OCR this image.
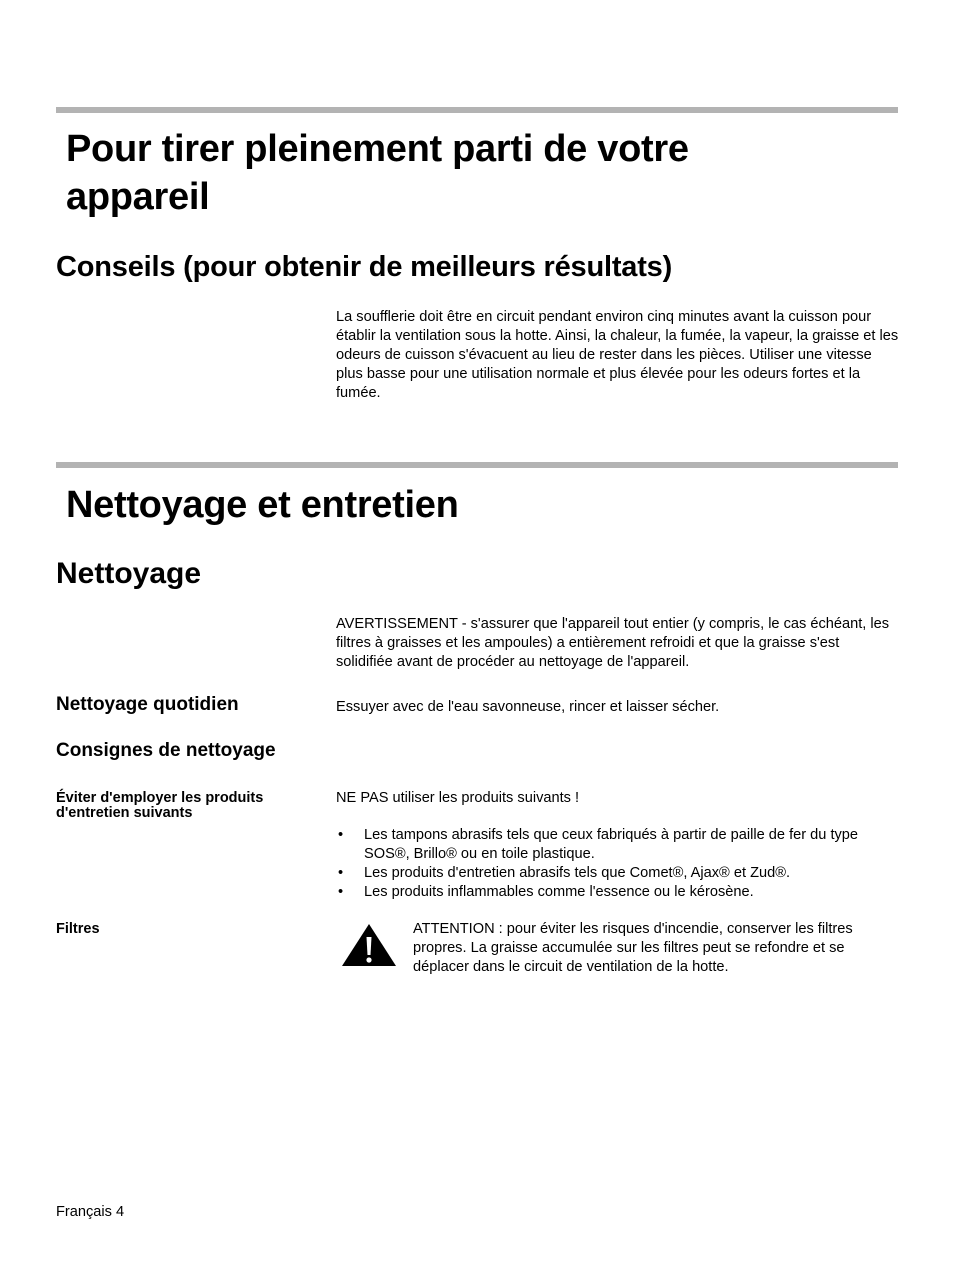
Pour tirer pleinement parti de votre appareil
Conseils (pour obtenir de meilleurs résultats)

La soufflerie doit être en circuit pendant environ cinq minutes avant la cuisson pour établir la ventilation sous la hotte. Ainsi, la chaleur, la fumée, la vapeur, la graisse et les odeurs de cuisson s'évacuent au lieu de rester dans les pièces. Utiliser une vitesse plus basse pour une utilisation normale et plus élevée pour les odeurs fortes et la fumée.

Nettoyage et entretien
Nettoyage

AVERTISSEMENT - s'assurer que l'appareil tout entier (y compris, le cas échéant, les filtres à graisses et les ampoules) a entièrement refroidi et que la graisse s'est solidifiée avant de procéder au nettoyage de l'appareil.

Nettoyage quotidien	Essuyer avec de l'eau savonneuse, rincer et laisser sécher.

Consignes de nettoyage
Éviter d'employer les produits d'entretien suivants

NE PAS utiliser les produits suivants !

• Les tampons abrasifs tels que ceux fabriqués à partir de paille de fer du type SOS®, Brillo® ou en toile plastique.
• Les produits d'entretien abrasifs tels que Comet®, Ajax® et Zud®.
• Les produits inflammables comme l'essence ou le kérosène.
Filtres	ATTENTION : pour éviter les risques d'incendie, conserver les filtres propres. La graisse accumulée sur les filtres peut se refondre et se déplacer dans le circuit de ventilation de la hotte.

Français 4
